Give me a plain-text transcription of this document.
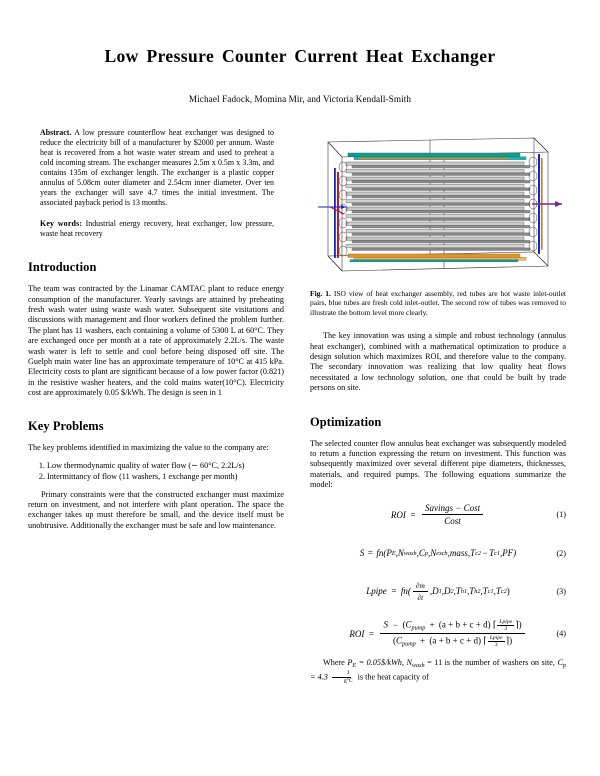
Low Pressure Counter Current Heat Exchanger
Michael Fadock, Momina Mir, and Victoria Kendall-Smith
Abstract. A low pressure counterflow heat exchanger was designed to reduce the electricity bill of a manufacturer by $2000 per annum. Waste heat is recovered from a hot waste water stream and used to preheat a cold incoming stream. The exchanger measures 2.5m x 0.5m x 3.3m, and contains 135m of exchanger length. The exchanger is a plastic copper annulus of 5.08cm outer diameter and 2.54cm inner diameter. Over ten years the exchanger will save 4.7 times the initial investment. The associated payback period is 13 months.
Key words: Industrial energy recovery, heat exchanger, low pressure, waste heat recovery
Introduction

The team was contracted by the Linamar CAMTAC plant to reduce energy consumption of the manufacturer. Yearly savings are attained by preheating fresh wash water using waste wash water. Subsequent site visitations and discussions with management and floor workers defined the problem further. The plant has 11 washers, each containing a volume of 5300 L at 60°C. They are exchanged once per month at a rate of approximately 2.2L/s. The waste wash water is left to settle and cool before being disposed off site. The Guelph main water line has an approximate temperature of 10°C at 415 kPa. Electricity costs to plant are significant because of a low power factor (0.821) in the resistive washer heaters, and the cold mains water(10°C). Electricity cost are approximately 0.05 $/kWh. The design is seen in 1

Key Problems

The key problems identified in maximizing the value to the company are:

1. Low thermodynamic quality of water flow (∼ 60°C, 2.2L/s)
2. Intermittancy of flow (11 washers, 1 exchange per month)

Primary constraints were that the constructed exchanger must maximize return on investment, and not interfere with plant operation. The space the exchanger takes up must therefore be small, and the device itself must be unobtrusive. Additionally the exchanger must be safe and low maintenance.

Fig. 1. ISO view of heat exchanger assembly, red tubes are hot waste inlet-outlet pairs, blue tubes are fresh cold inlet-outlet. The second row of tubes was removed to illustrate the bottom level more clearly.

The key innovation was using a simple and robust technology (annulus heat exchanger), combined with a mathematical optimization to produce a design solution which maximizes ROI, and therefore value to the company. The secondary innovation was realizing that low quality heat flows necessitated a low technology solution, one that could be built by trade persons on site.

Optimization

The selected counter flow annulus heat exchanger was subsequently modeled to return a function expressing the return on investment. This function was subsequently maximized over several different pipe diameters, thicknesses, materials, and required pumps. The following equations summarize the model:

ROI = $\frac{\text{Savings − Cost}}{\text{Cost}}$	(1)
S = fn( P E , N wash , C p , N exch , mass , T c2 − T c1 , PF)	(2)
Lpipe = $fn( \frac{\partial m}{\partial t}$ , D 1 , D 2 , T h1 , T h2 , T c1 , T c2 )	(3)
ROI =
$S - (C_{pump} + (a + b + c + d)$ ⌈ Lpipe
3 ⌉)
($C_{pump} + (a + b + c + d)$ ⌈ Lpipe
3 ⌉)
(4)

Where $P_E$ = 0.05$/kWh, $N_{wash} = 11$ is the number of washers on site, $C_p = 4.3 \frac{J}{g^\circ C}$ is the heat capacity of
